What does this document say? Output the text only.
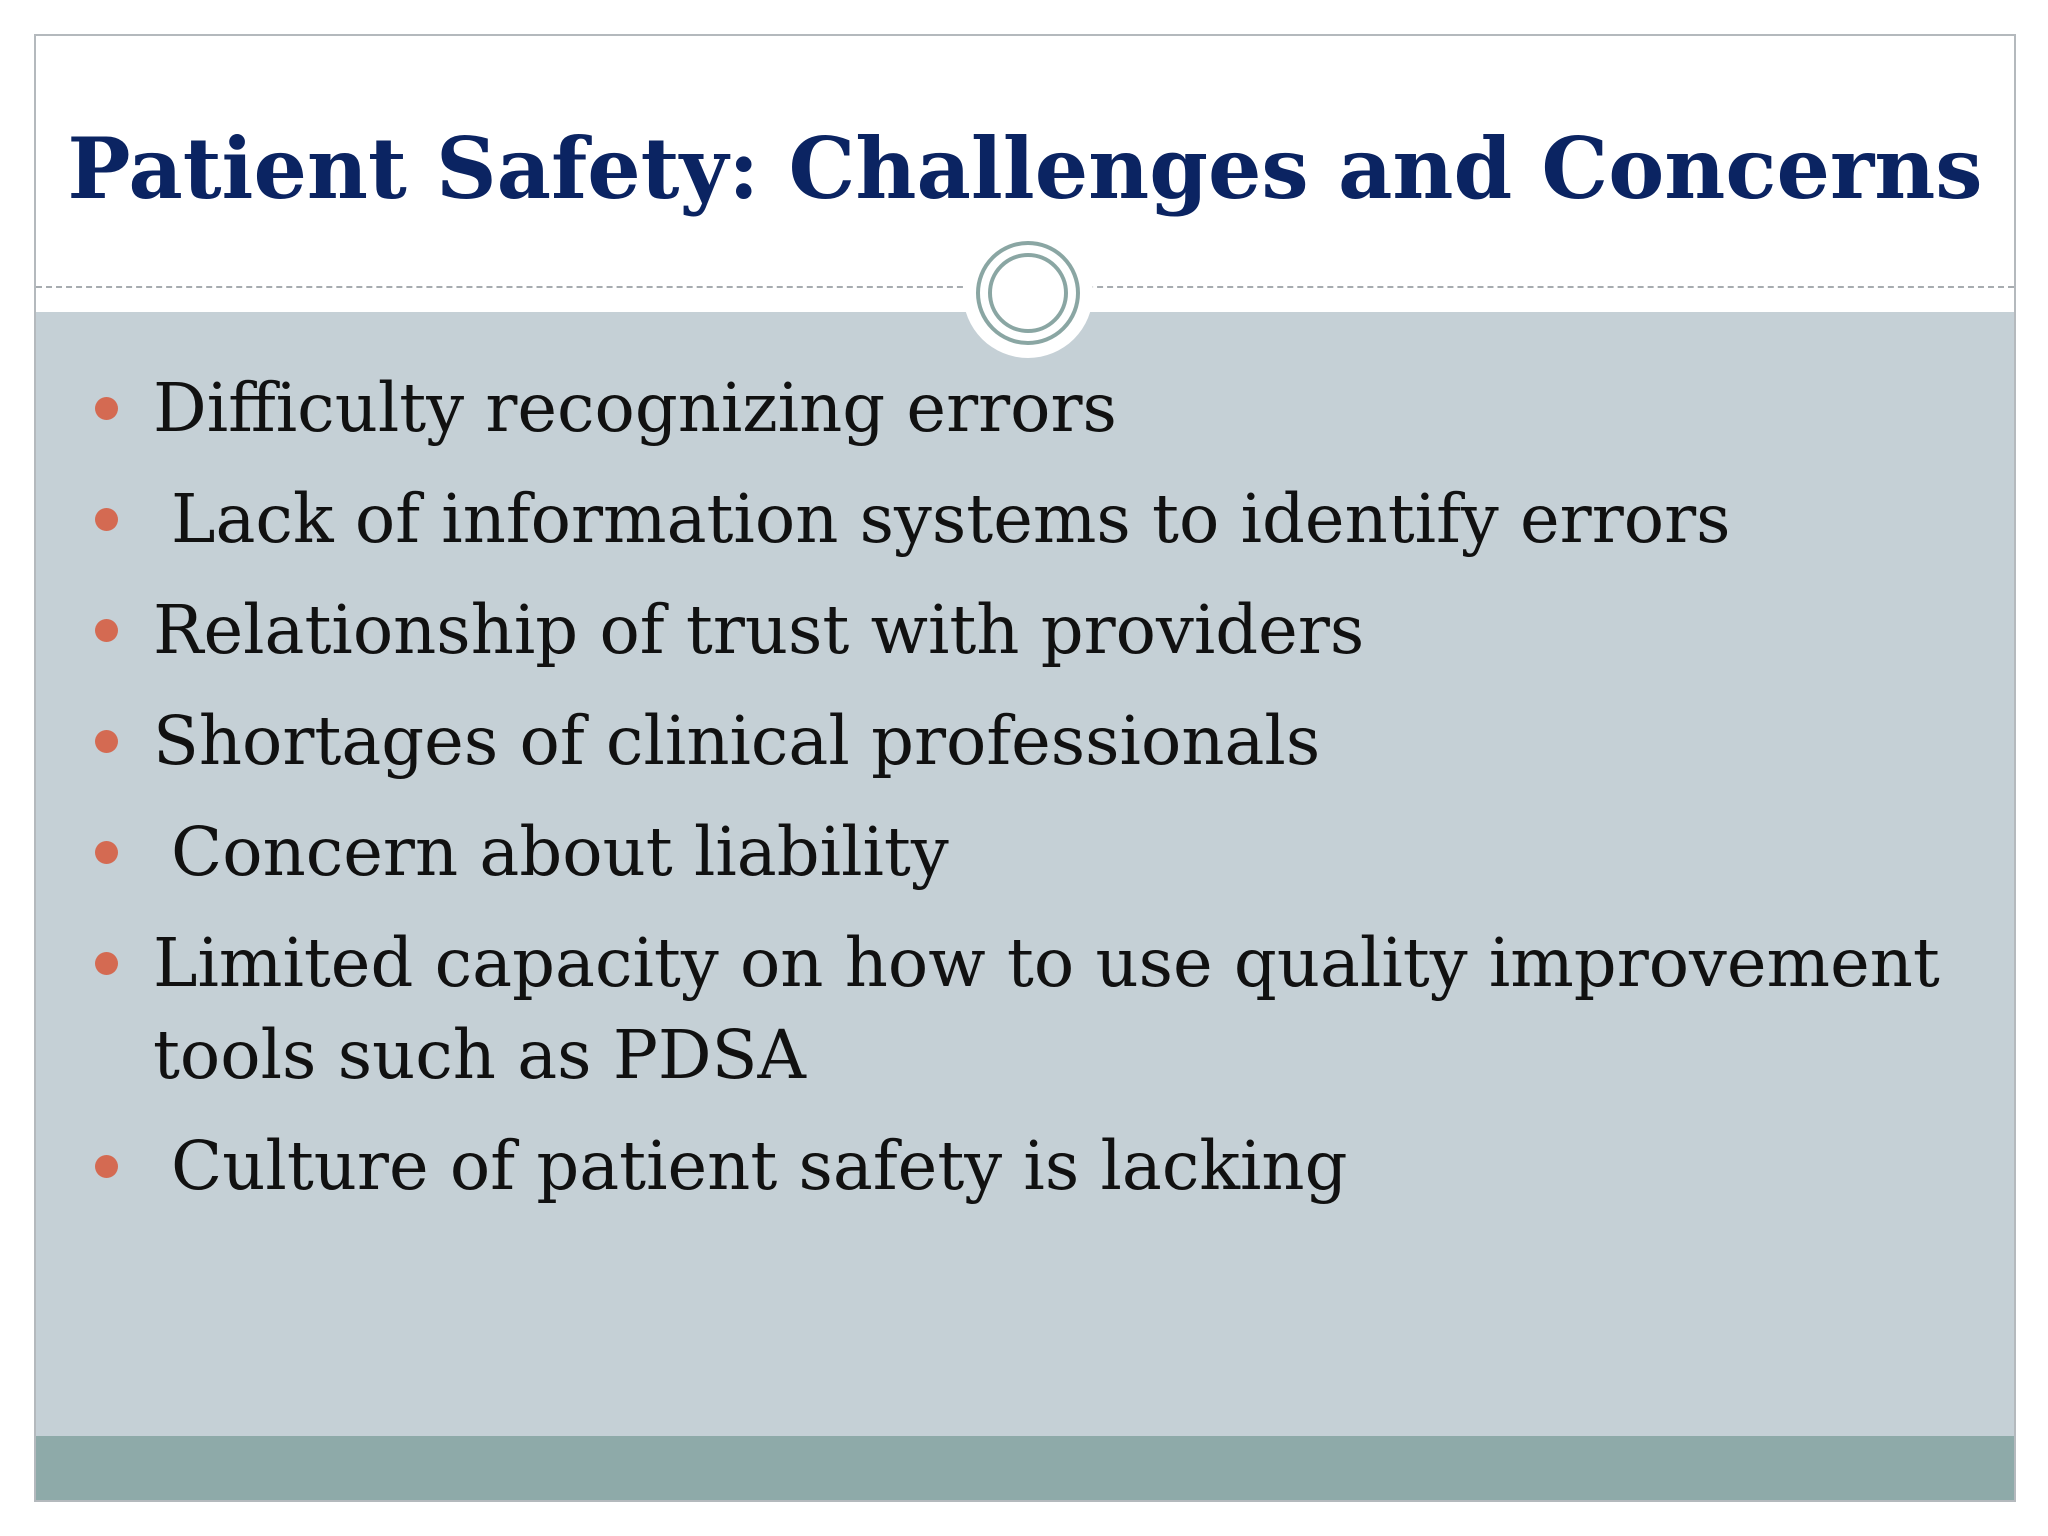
Patient Safety: Challenges and Concerns
Difficulty recognizing errors
Lack of information systems to identify errors
Relationship of trust with providers
Shortages of clinical professionals
Concern about liability
Limited capacity on how to use quality improvement tools such as PDSA
Culture of patient safety is lacking
